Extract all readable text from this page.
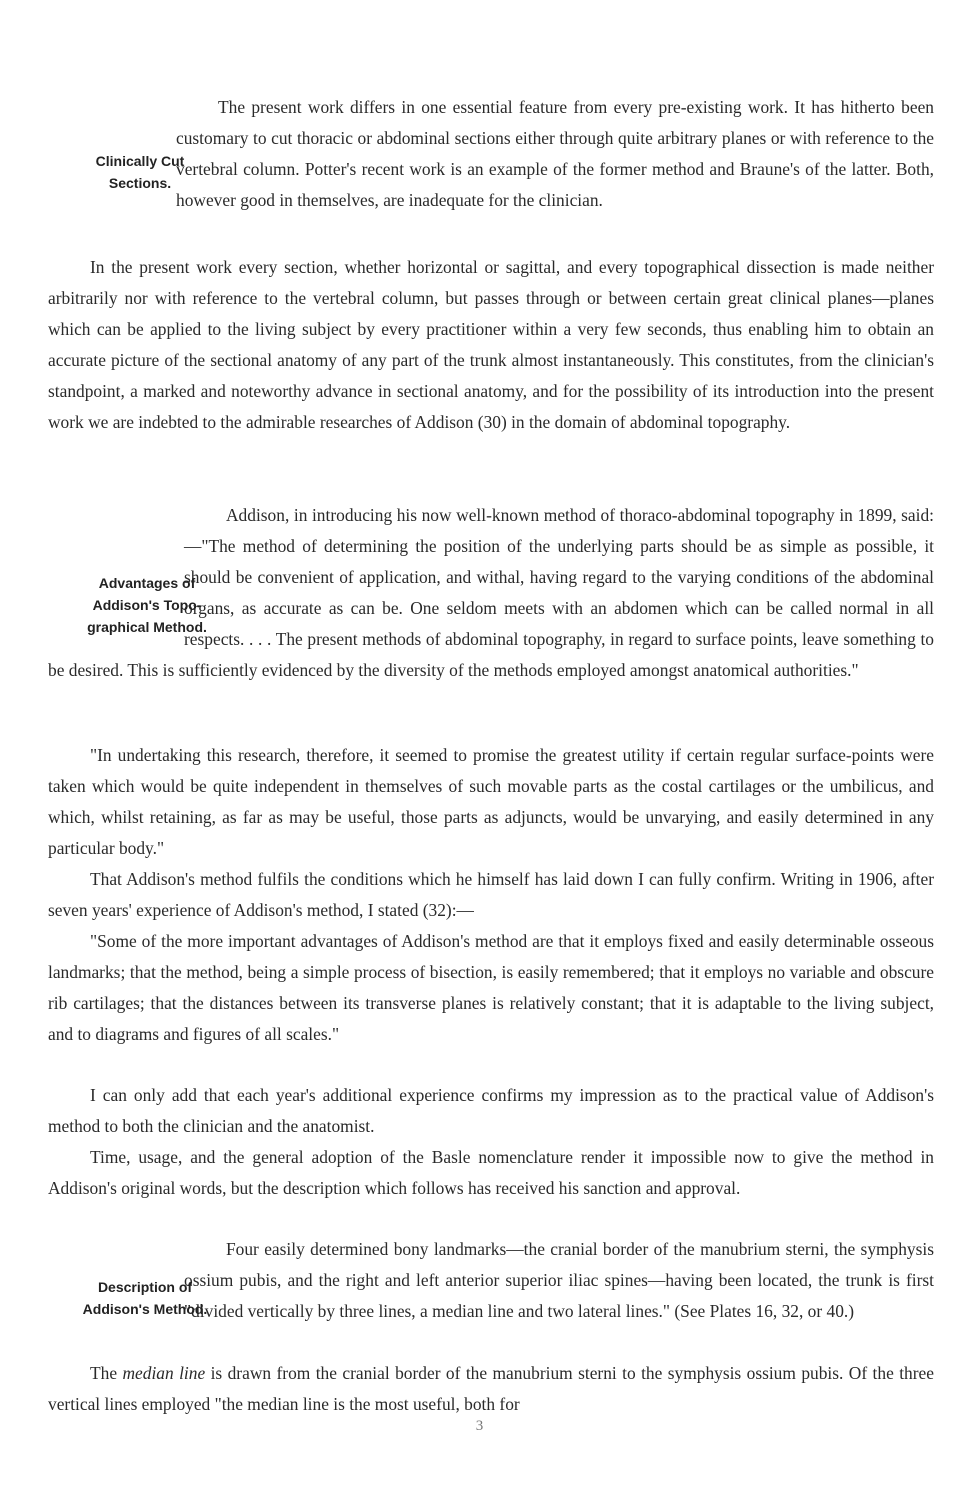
The present work differs in one essential feature from every pre-existing work. It has hitherto been customary to cut thoracic or abdominal sections either through quite arbitrary planes or with reference to the vertebral column. Potter's recent work is an example of the former method and Braune's of the latter. Both, however good in themselves, are inadequate for the clinician.
Clinically Cut
Sections.

In the present work every section, whether horizontal or sagittal, and every topographical dissection is made neither arbitrarily nor with reference to the vertebral column, but passes through or between certain great clinical planes—planes which can be applied to the living subject by every practitioner within a very few seconds, thus enabling him to obtain an accurate picture of the sectional anatomy of any part of the trunk almost instantaneously. This constitutes, from the clinician's standpoint, a marked and noteworthy advance in sectional anatomy, and for the possibility of its introduction into the present work we are indebted to the admirable researches of Addison (30) in the domain of abdominal topography.

Addison, in introducing his now well-known method of thoraco-abdominal topography in 1899, said:—"The method of determining the position of the underlying parts should be as simple as possible, it should be convenient of application, and withal, having regard to the varying conditions of the abdominal organs, as accurate as can be. One seldom meets with an abdomen which can be called normal in all respects. . . . The present methods of abdominal topography, in regard to surface points, leave something to be desired. This is sufficiently evidenced by the diversity of the methods employed amongst anatomical authorities."
Advantages of
Addison's Topo-
graphical Method.

"In undertaking this research, therefore, it seemed to promise the greatest utility if certain regular surface-points were taken which would be quite independent in themselves of such movable parts as the costal cartilages or the umbilicus, and which, whilst retaining, as far as may be useful, those parts as adjuncts, would be unvarying, and easily determined in any particular body."

That Addison's method fulfils the conditions which he himself has laid down I can fully confirm. Writing in 1906, after seven years' experience of Addison's method, I stated (32):—

"Some of the more important advantages of Addison's method are that it employs fixed and easily determinable osseous landmarks; that the method, being a simple process of bisection, is easily remembered; that it employs no variable and obscure rib cartilages; that the distances between its transverse planes is relatively constant; that it is adaptable to the living subject, and to diagrams and figures of all scales."

I can only add that each year's additional experience confirms my impression as to the practical value of Addison's method to both the clinician and the anatomist.

Time, usage, and the general adoption of the Basle nomenclature render it impossible now to give the method in Addison's original words, but the description which follows has received his sanction and approval.

Four easily determined bony landmarks—the cranial border of the manubrium sterni, the symphysis ossium pubis, and the right and left anterior superior iliac spines—having been located, the trunk is first "divided vertically by three lines, a median line and two lateral lines." (See Plates 16, 32, or 40.)
Description of
Addison's Method.

The median line is drawn from the cranial border of the manubrium sterni to the symphysis ossium pubis. Of the three vertical lines employed "the median line is the most useful, both for

3
